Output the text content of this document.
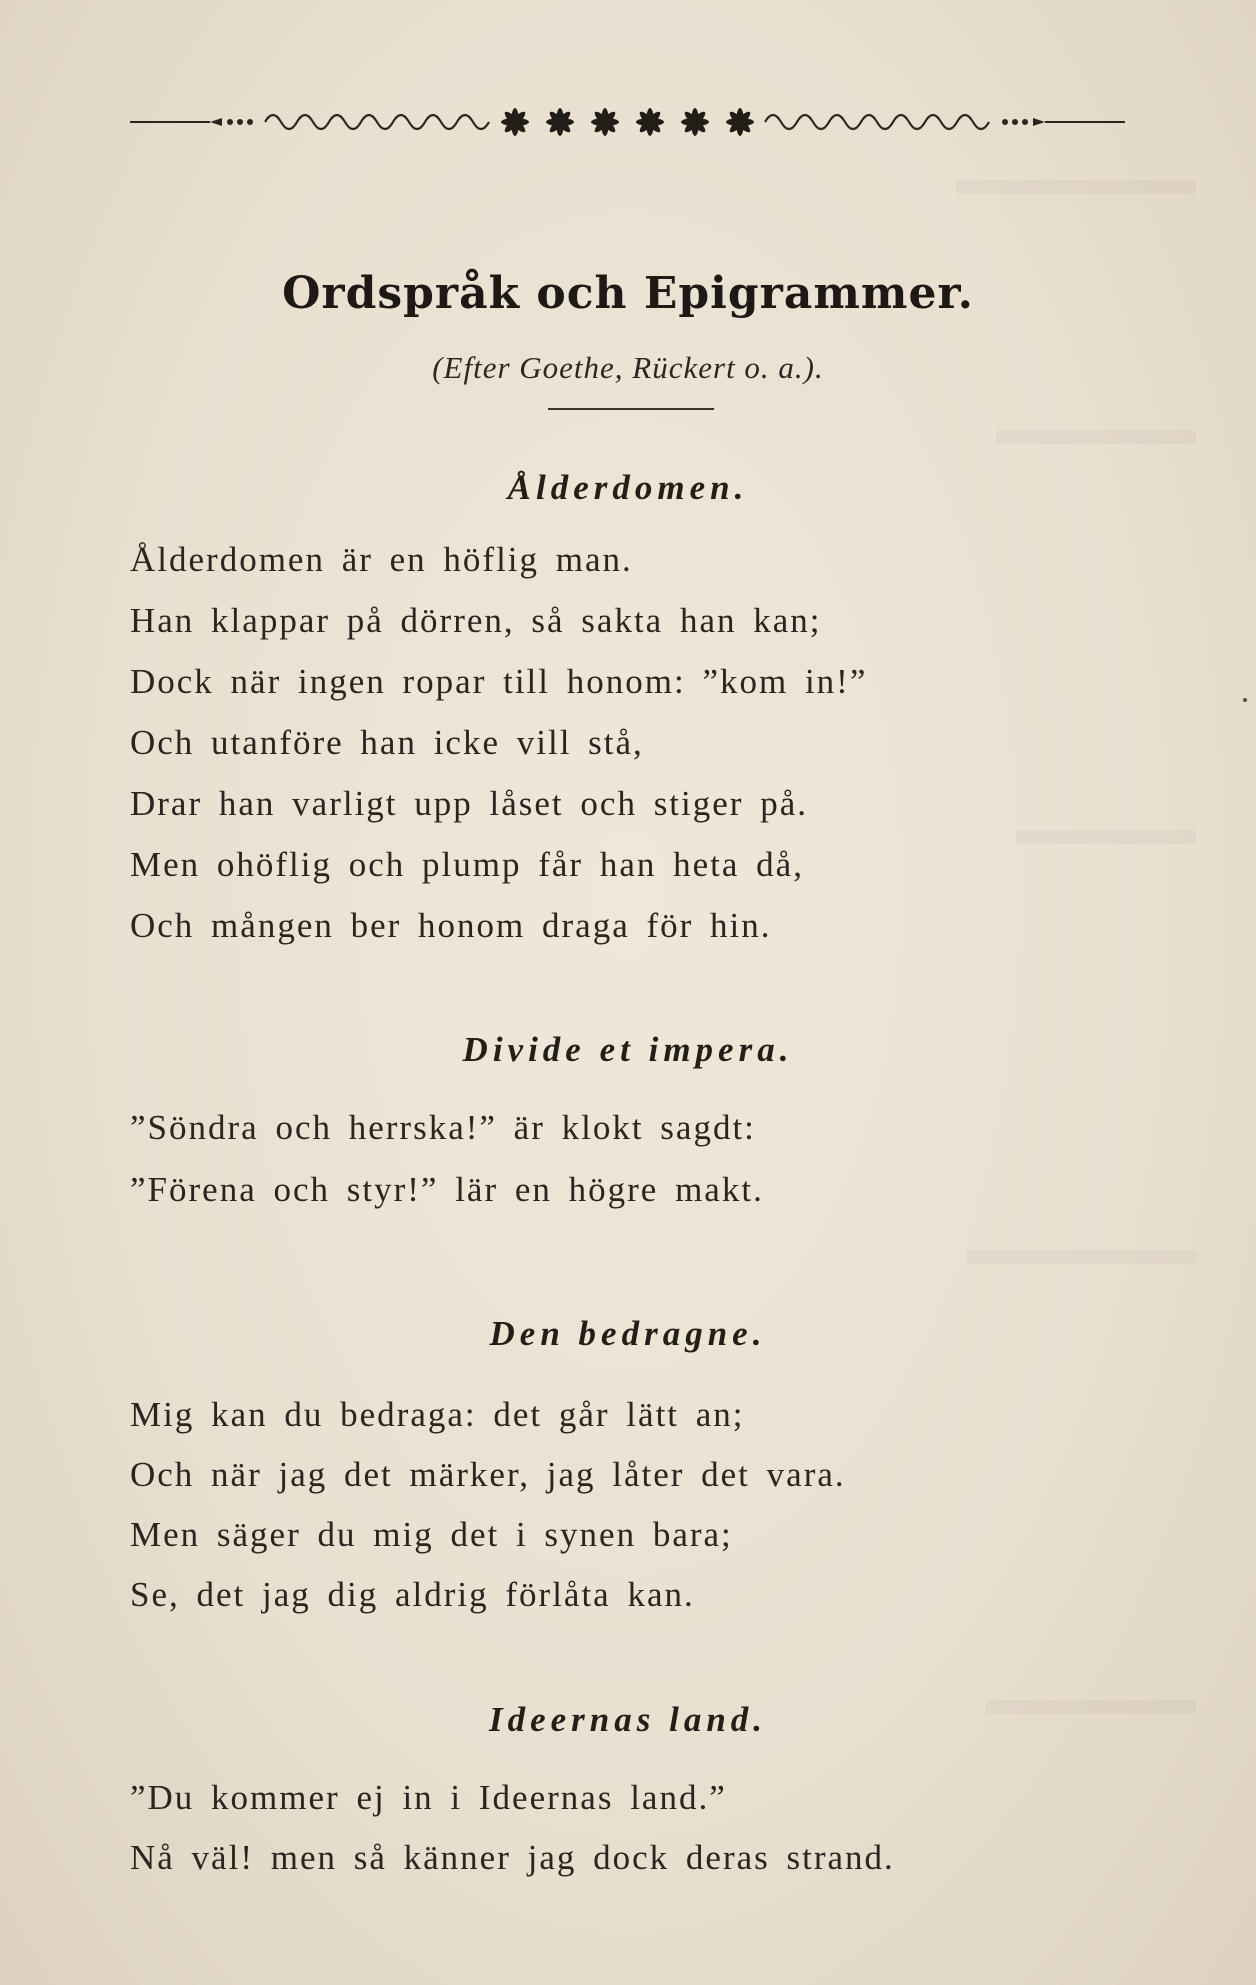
Ordspråk och Epigrammer.
(Efter Goethe, Rückert o. a.).
Ålderdomen.
Ålderdomen är en höflig man.
Han klappar på dörren, så sakta han kan;
Dock när ingen ropar till honom: ”kom in!”
Och utanföre han icke vill stå,
Drar han varligt upp låset och stiger på.
Men ohöflig och plump får han heta då,
Och mången ber honom draga för hin.
Divide et impera.
”Söndra och herrska!” är klokt sagdt:
”Förena och styr!” lär en högre makt.
Den bedragne.
Mig kan du bedraga: det går lätt an;
Och när jag det märker, jag låter det vara.
Men säger du mig det i synen bara;
Se, det jag dig aldrig förlåta kan.
Ideernas land.
”Du kommer ej in i Ideernas land.”
Nå väl! men så känner jag dock deras strand.
